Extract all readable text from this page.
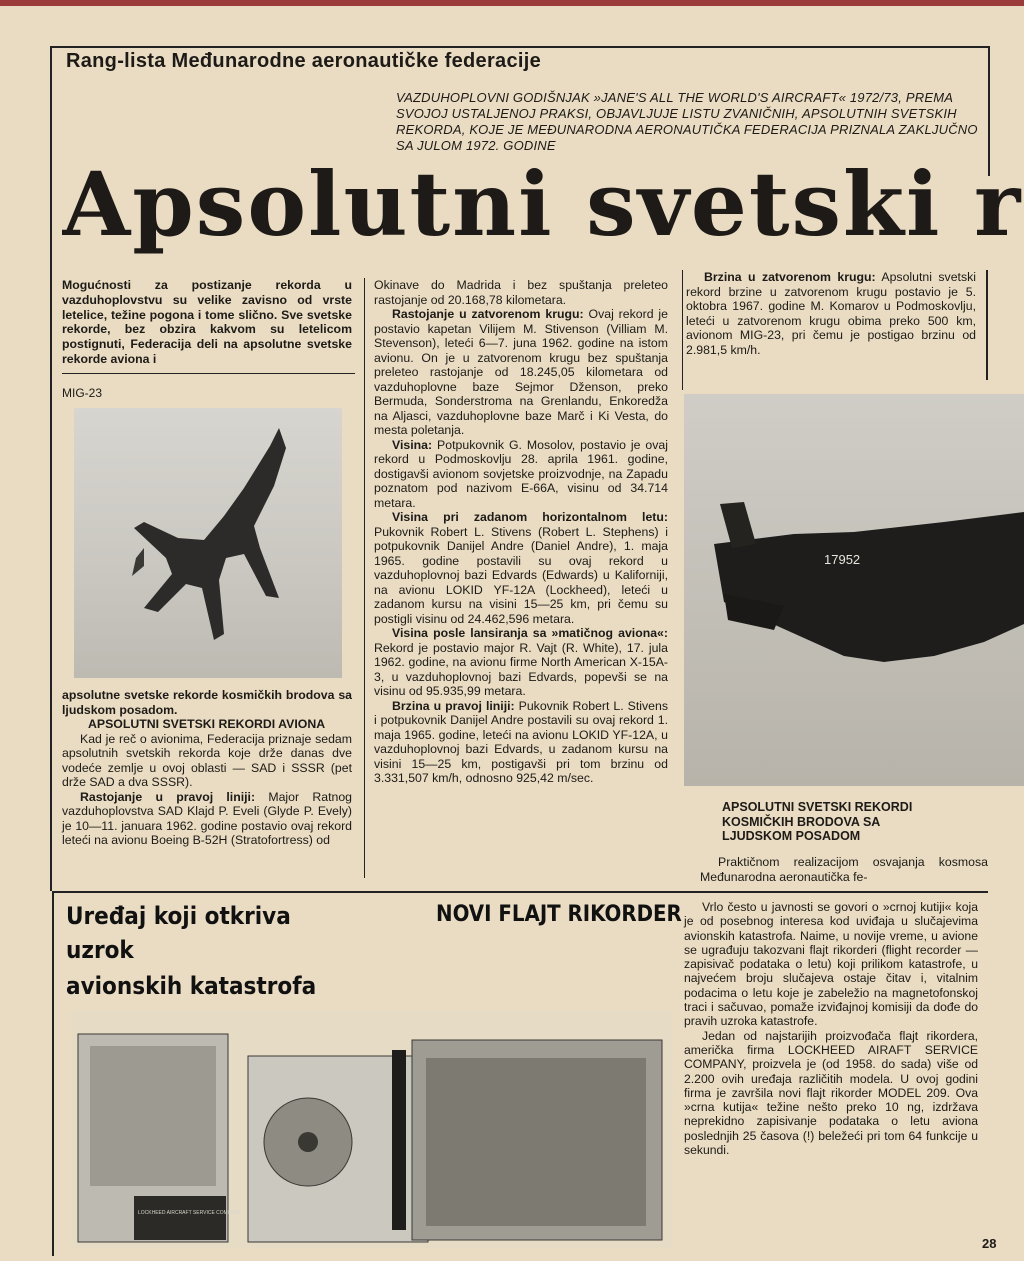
Rang-lista Međunarodne aeronautičke federacije
VAZDUHOPLOVNI GODIŠNJAK »JANE'S ALL THE WORLD'S AIRCRAFT« 1972/73, PREMA SVOJOJ USTALJENOJ PRAKSI, OBJAVLJUJE LISTU ZVANIČNIH, APSOLUTNIH SVETSKIH REKORDA, KOJE JE MEĐUNARODNA AERONAUTIČKA FEDERACIJA PRIZNALA ZAKLJUČNO SA JULOM 1972. GODINE
Apsolutni svetski r
Mogućnosti za postizanje rekorda u vazduhoplovstvu su velike zavisno od vrste letelice, težine pogona i tome slično. Sve svetske rekorde, bez obzira kakvom su letelicom postignuti, Federacija deli na apsolutne svetske rekorde aviona i
MIG-23

apsolutne svetske rekorde kosmičkih brodova sa ljudskom posadom.

APSOLUTNI SVETSKI REKORDI AVIONA

Kad je reč o avionima, Federacija priznaje sedam apsolutnih svetskih rekorda koje drže danas dve vodeće zemlje u ovoj oblasti — SAD i SSSR (pet drže SAD a dva SSSR).

Rastojanje u pravoj liniji: Major Ratnog vazduhoplovstva SAD Klajd P. Eveli (Glyde P. Evely) je 10—11. januara 1962. godine postavio ovaj rekord leteći na avionu Boeing B-52H (Stratofortress) od

Okinave do Madrida i bez spuštanja preleteo rastojanje od 20.168,78 kilometara.

Rastojanje u zatvorenom krugu: Ovaj rekord je postavio kapetan Vilijem M. Stivenson (Villiam M. Stevenson), leteći 6—7. juna 1962. godine na istom avionu. On je u zatvorenom krugu bez spuštanja preleteo rastojanje od 18.245,05 kilometara od vazduhoplovne baze Sejmor Dženson, preko Bermuda, Sonderstroma na Grenlandu, Enkoredža na Aljasci, vazduhoplovne baze Marč i Ki Vesta, do mesta poletanja.

Visina: Potpukovnik G. Mosolov, postavio je ovaj rekord u Podmoskovlju 28. aprila 1961. godine, dostigavši avionom sovjetske proizvodnje, na Zapadu poznatom pod nazivom E-66A, visinu od 34.714 metara.

Visina pri zadanom horizontalnom letu: Pukovnik Robert L. Stivens (Robert L. Stephens) i potpukovnik Danijel Andre (Daniel Andre), 1. maja 1965. godine postavili su ovaj rekord u vazduhoplovnoj bazi Edvards (Edwards) u Kaliforniji, na avionu LOKID YF-12A (Lockheed), leteći u zadanom kursu na visini 15—25 km, pri čemu su postigli visinu od 24.462,596 metara.

Visina posle lansiranja sa »matičnog aviona«: Rekord je postavio major R. Vajt (R. White), 17. jula 1962. godine, na avionu firme North American X-15A-3, u vazduhoplovnoj bazi Edvards, popevši se na visinu od 95.935,99 metara.

Brzina u pravoj liniji: Pukovnik Robert L. Stivens i potpukovnik Danijel Andre postavili su ovaj rekord 1. maja 1965. godine, leteći na avionu LOKID YF-12A, u vazduhoplovnoj bazi Edvards, u zadanom kursu na visini 15—25 km, postigavši pri tom brzinu od 3.331,507 km/h, odnosno 925,42 m/sec.

Brzina u zatvorenom krugu: Apsolutni svetski rekord brzine u zatvorenom krugu postavio je 5. oktobra 1967. godine M. Komarov u Podmoskovlju, leteći u zatvorenom krugu obima preko 500 km, avionom MIG-23, pri čemu je postigao brzinu od 2.981,5 km/h.

17952
APSOLUTNI SVETSKI REKORDI KOSMIČKIH BRODOVA SA LJUDSKOM POSADOM

Praktičnom realizacijom osvajanja kosmosa Međunarodna aeronautička fe-

Uređaj koji otkriva
uzrok
avionskih katastrofa
NOVI FLAJT RIKORDER	Vrlo često u javnosti se govori o »crnoj kutiji« koja je od posebnog interesa kod uviđaja u slučajevima avionskih katastrofa. Naime, u novije vreme, u avione se ugrađuju takozvani flajt rikorderi (flight recorder — zapisivač podataka o letu) koji prilikom katastrofe, u najvećem broju slučajeva ostaje čitav i, vitalnim podacima o letu koje je zabeležio na magnetofonskoj traci i sačuvao, pomaže izviđajnoj komisiji da dođe do pravih uzroka katastrofe.

Jedan od najstarijih proizvođača flajt rikordera, američka firma LOCKHEED AIRAFT SERVICE COMPANY, proizvela je (od 1958. do sada) više od 2.200 ovih uređaja različitih modela. U ovoj godini firma je završila novi flajt rikorder MODEL 209. Ova »crna kutija« težine nešto preko 10 ng, izdržava neprekidno zapisivanje podataka o letu aviona poslednjih 25 časova (!) beležeći pri tom 64 funkcije u sekundi.

LOCKHEED AIRCRAFT SERVICE COMPANY
28
